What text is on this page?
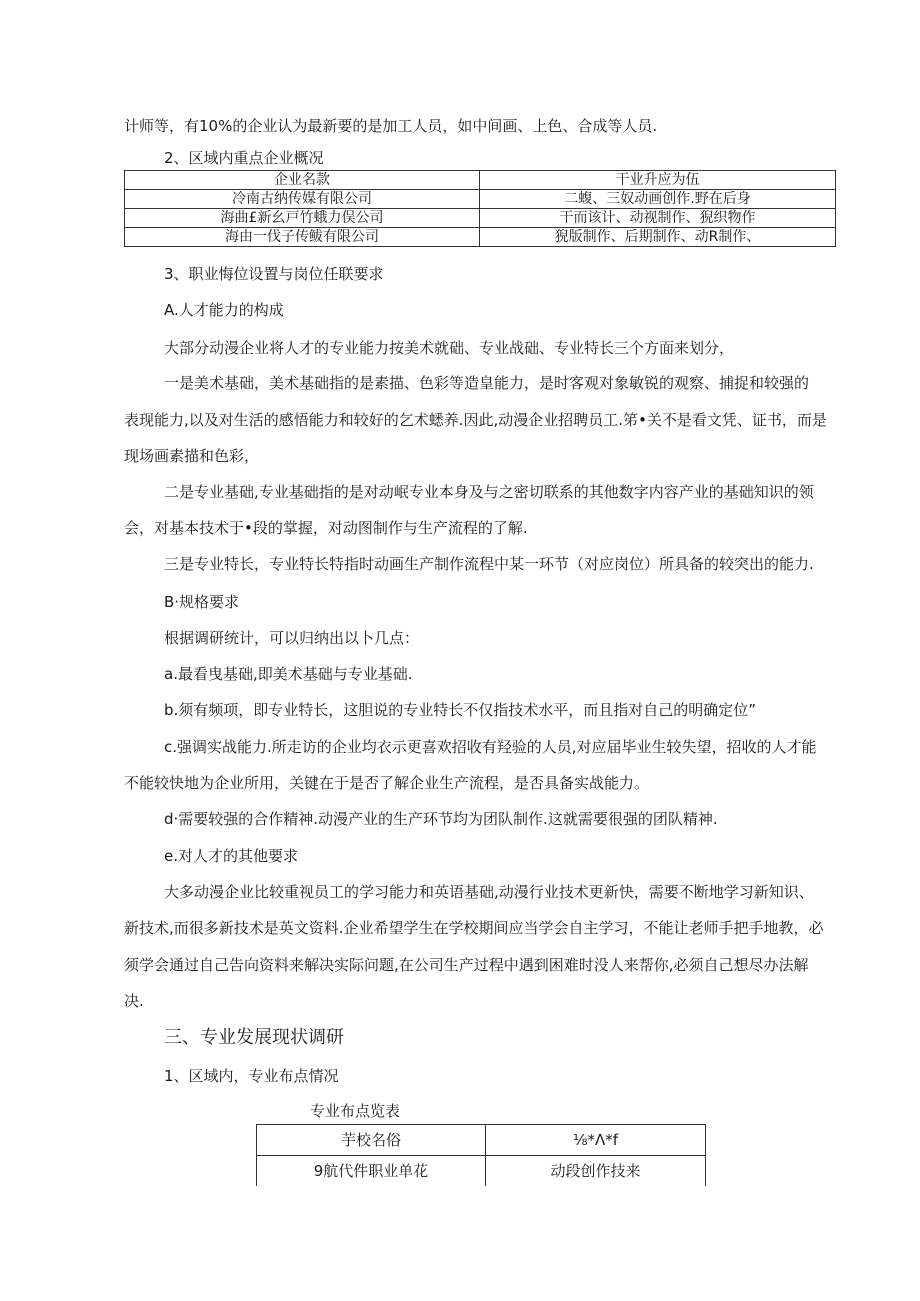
计师等，有10%的企业认为最新要的是加工人员，如中间画、上色、合成等人员.
2、区域内重点企业概况
企业名款	干业升应为伍
冷南古纳传媒有限公司	二蝮、三奴动画创作.野在后身
海曲£新幺戸竹蛾力俣公司	干而该计、动视制作、猊织物作
海由一伐子传鲅有限公司	猊版制作、后期制作、动R制作、
3、职业悔位设置与岗位任联要求
A.人才能力的构成
大部分动漫企业将人才的专业能力按美术就础、专业战础、专业特长三个方面来划分，
一是美术基础，美术基础指的是素描、色彩等造皇能力，是时客观对象敏锐的观察、捕捉和较强的
表现能力,以及对生活的感悟能力和较好的乞术蟋养.因此,动漫企业招聘员工.笫•关不是看文凭、证书，而是
现场画素描和色彩，
二是专业基础,专业基础指的是对动岷专业本身及与之密切联系的其他数字内容产业的基础知识的领
会，对基本技术于•段的掌握，对动图制作与生产流程的了解.
三是专业特长，专业特长特指时动画生产制作流程中某一环节（对应岗位）所具备的较突出的能力.
B·规格要求
根据调研统计，可以归纳出以卜几点：
a.最看曳基础,即美术基础与专业基础.
b.须有频项，即专业特长，这胆说的专业特长不仅指技术水平，而且指对自己的明确定位”
c.强调实战能力.所走访的企业均衣示更喜欢招收有羟验的人员,对应届毕业生较失望，招收的人才能
不能较快地为企业所用，关键在于是否了解企业生产流程，是否具备实战能力。
d·需要较强的合作精神.动漫产业的生产环节均为团队制作.这就需要很强的团队精神.
e.对人才的其他要求
大多动漫企业比较重视员工的学习能力和英语基础,动漫行业技术更新快，需要不断地学习新知识、
新技术,而很多新技术是英文资料.企业希望学生在学校期间应当学会自主学习，不能让老师手把手地教，必
须学会通过自己告向资料来解决实际问题,在公司生产过程中遇到困难时没人来帮你,必须自己想尽办法解
决.
三、专业发展现状调研
1、区域内，专业布点情况
专业布点览表
芋校名俗	⅛*Λ*f
9航代件职业单花	动段创作技来
